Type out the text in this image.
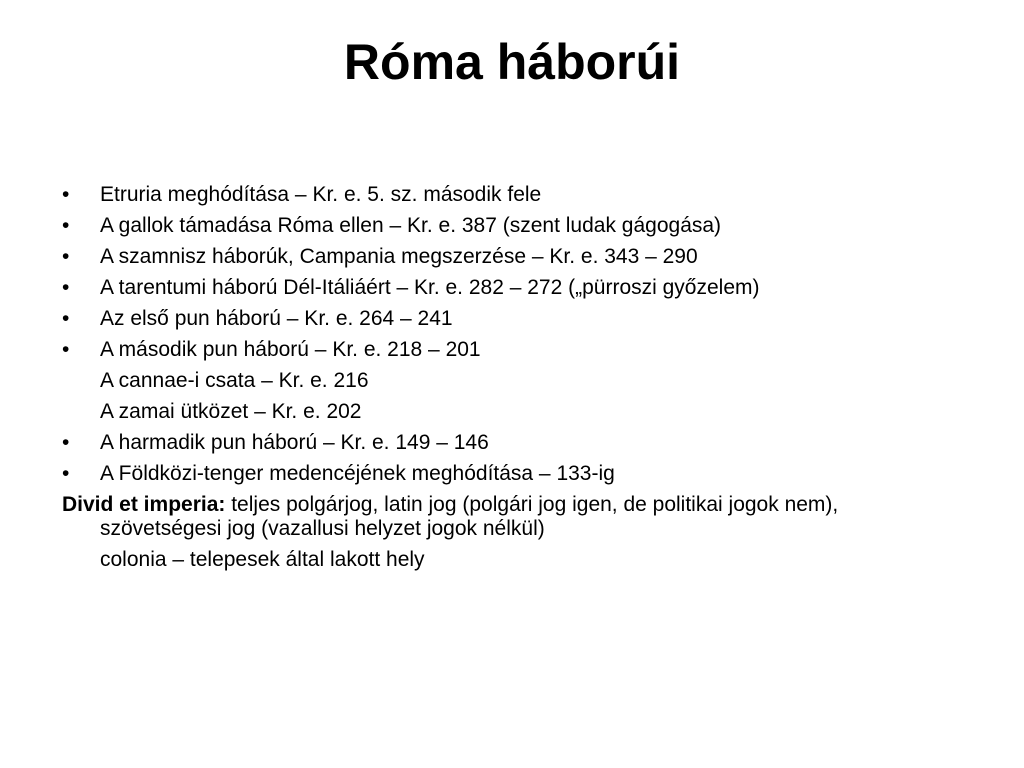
Róma háborúi
•	Etruria meghódítása – Kr. e. 5. sz. második fele
•	A gallok támadása Róma ellen – Kr. e. 387 (szent ludak gágogása)
•	A szamnisz háborúk, Campania megszerzése – Kr. e. 343 – 290
•	A tarentumi háború Dél-Itáliáért – Kr. e. 282 – 272 („pürroszi győzelem)
•	Az első pun háború – Kr. e. 264 – 241
•	A második pun háború – Kr. e. 218 – 201
A cannae-i csata – Kr. e. 216
A zamai ütközet – Kr. e. 202
•	A harmadik pun háború – Kr. e. 149 – 146
•	A Földközi-tenger medencéjének meghódítása – 133-ig
Divid et imperia: teljes polgárjog, latin jog (polgári jog igen, de politikai jogok nem), szövetségesi jog (vazallusi helyzet jogok nélkül)
colonia – telepesek által lakott hely
